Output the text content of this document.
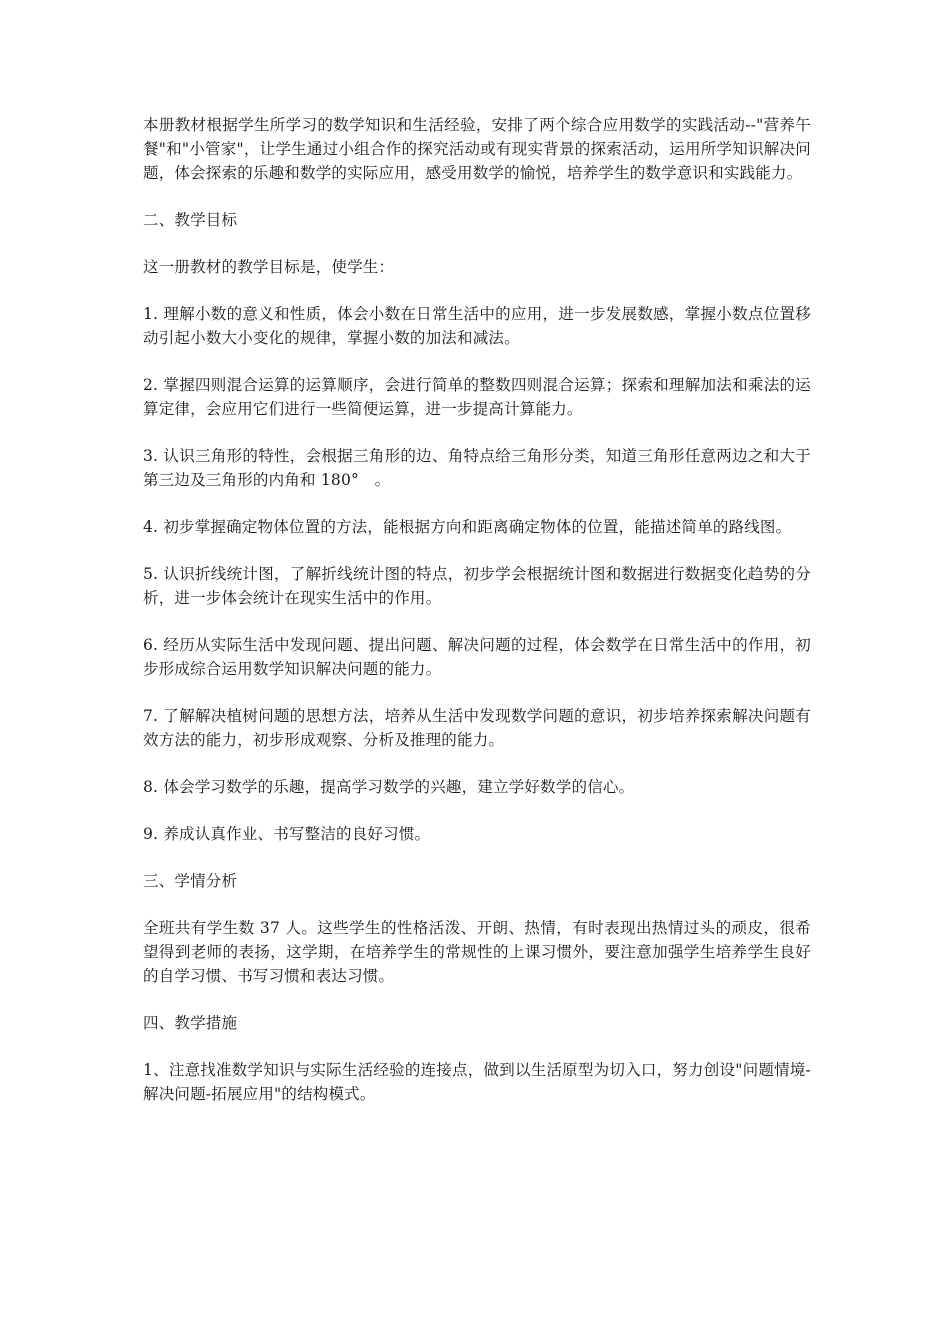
本册教材根据学生所学习的数学知识和生活经验，安排了两个综合应用数学的实践活动--"营养午餐"和"小管家"，让学生通过小组合作的探究活动或有现实背景的探索活动，运用所学知识解决问题，体会探索的乐趣和数学的实际应用，感受用数学的愉悦，培养学生的数学意识和实践能力。

二、教学目标

这一册教材的教学目标是，使学生：

1. 理解小数的意义和性质，体会小数在日常生活中的应用，进一步发展数感，掌握小数点位置移动引起小数大小变化的规律，掌握小数的加法和减法。

2. 掌握四则混合运算的运算顺序，会进行简单的整数四则混合运算；探索和理解加法和乘法的运算定律，会应用它们进行一些简便运算，进一步提高计算能力。

3. 认识三角形的特性，会根据三角形的边、角特点给三角形分类，知道三角形任意两边之和大于第三边及三角形的内角和 180°　。

4. 初步掌握确定物体位置的方法，能根据方向和距离确定物体的位置，能描述简单的路线图。

5. 认识折线统计图，了解折线统计图的特点，初步学会根据统计图和数据进行数据变化趋势的分析，进一步体会统计在现实生活中的作用。

6. 经历从实际生活中发现问题、提出问题、解决问题的过程，体会数学在日常生活中的作用，初步形成综合运用数学知识解决问题的能力。

7. 了解解决植树问题的思想方法，培养从生活中发现数学问题的意识，初步培养探索解决问题有效方法的能力，初步形成观察、分析及推理的能力。

8. 体会学习数学的乐趣，提高学习数学的兴趣，建立学好数学的信心。

9. 养成认真作业、书写整洁的良好习惯。

三、学情分析

全班共有学生数 37 人。这些学生的性格活泼、开朗、热情，有时表现出热情过头的顽皮，很希望得到老师的表扬，这学期，在培养学生的常规性的上课习惯外，要注意加强学生培养学生良好的自学习惯、书写习惯和表达习惯。

四、教学措施

1、注意找准数学知识与实际生活经验的连接点，做到以生活原型为切入口，努力创设"问题情境-解决问题-拓展应用"的结构模式。
